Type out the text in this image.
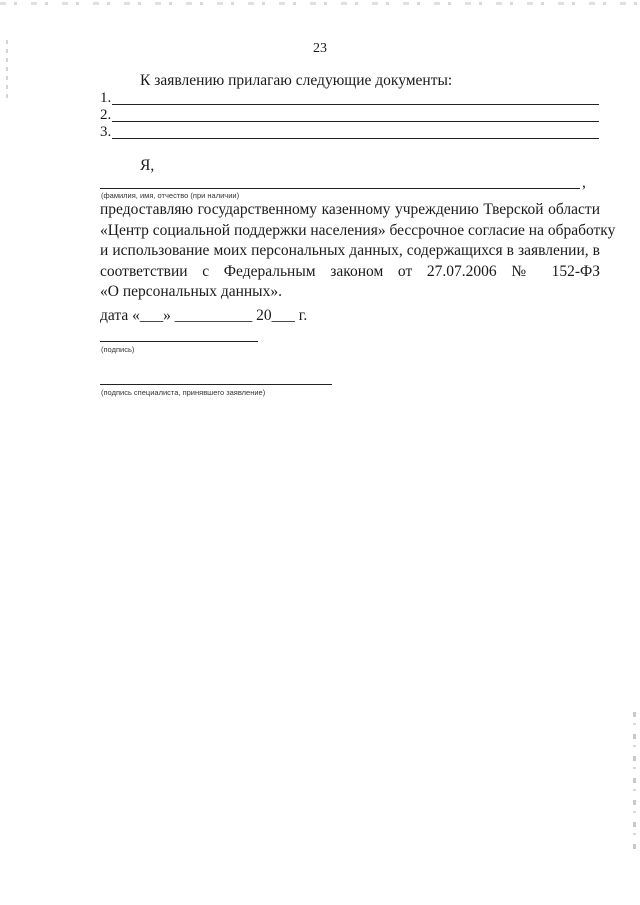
23
К заявлению прилагаю следующие документы:
1.
2.
3.
Я,
,
(фамилия, имя, отчество (при наличии)
предоставляю государственному казенному учреждению Тверской области
«Центр социальной поддержки населения» бессрочное согласие на обработку
и использование моих персональных данных, содержащихся в заявлении, в
соответствии с Федеральным законом от 27.07.2006 № 152-ФЗ
«О персональных данных».
дата «___» __________ 20___ г.
(подпись)
(подпись специалиста, принявшего заявление)
